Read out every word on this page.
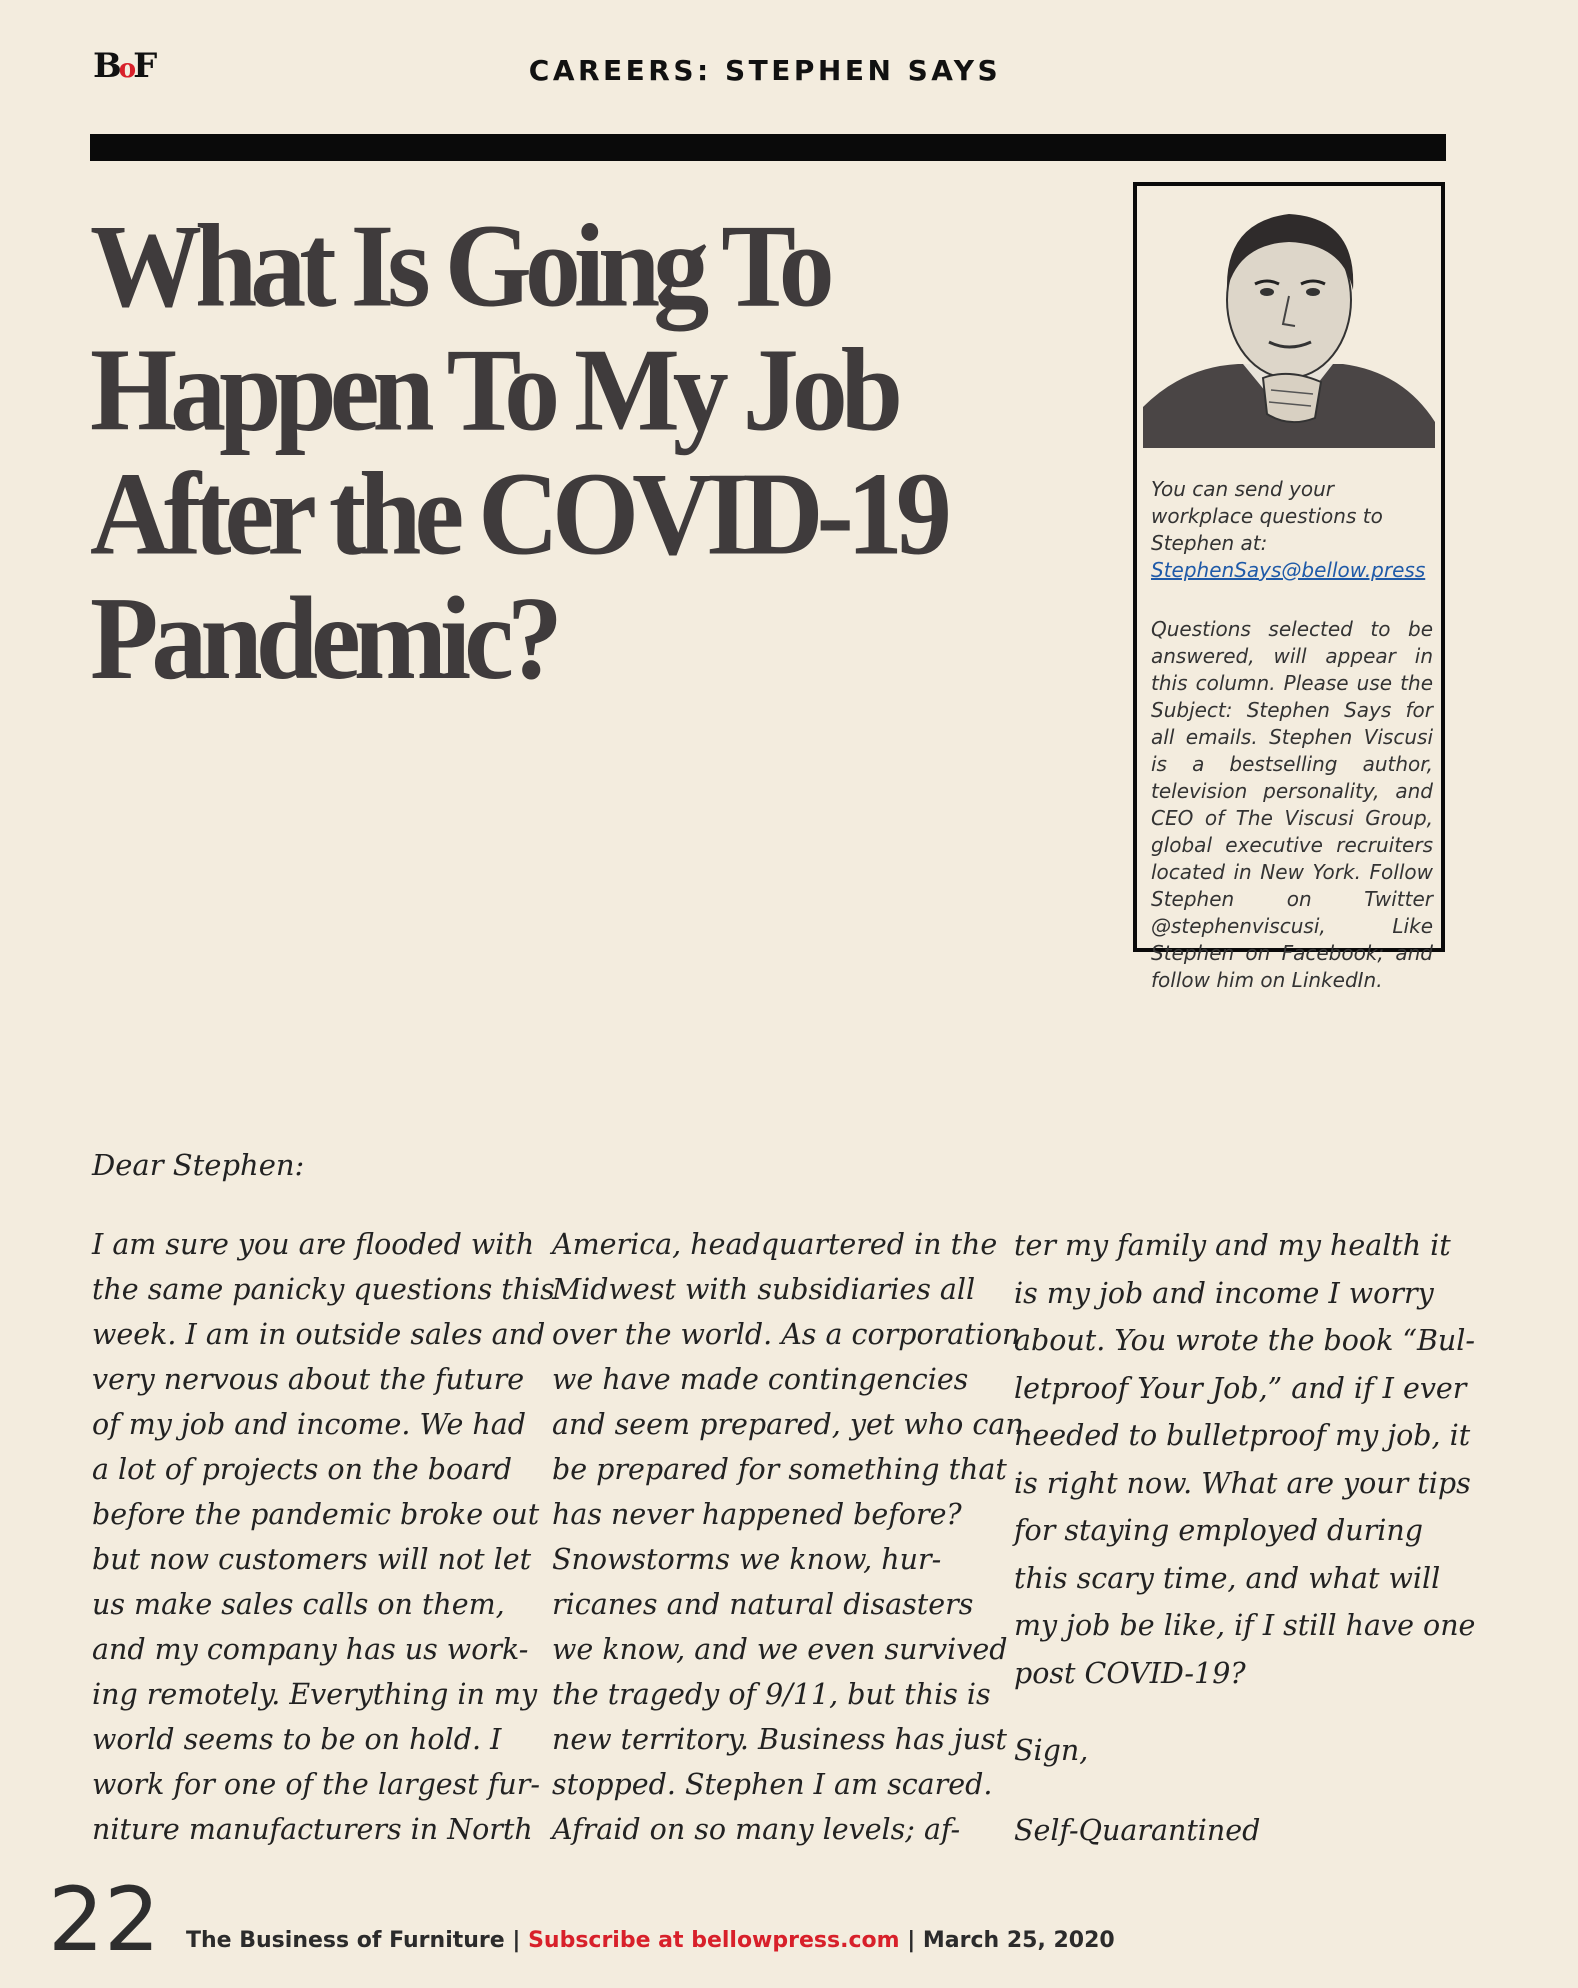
BoF	CAREERS: STEPHEN SAYS
What Is Going To Happen To My Job After the COVID-19 Pandemic?

You can send your workplace questions to Stephen at:

StephenSays@bellow.press

Questions selected to be answered, will appear in this column. Please use the Subject: Stephen Says for all emails. Stephen Viscusi is a bestselling author, television personality, and CEO of The Viscusi Group, global executive recruiters located in New York. Follow Stephen on Twitter @stephenviscusi, Like Stephen on Facebook; and follow him on LinkedIn.

Dear Stephen:
I am sure you are flooded with
the same panicky questions this
week. I am in outside sales and
very nervous about the future
of my job and income. We had
a lot of projects on the board
before the pandemic broke out
but now customers will not let
us make sales calls on them,
and my company has us work-
ing remotely. Everything in my
world seems to be on hold. I
work for one of the largest fur-
niture manufacturers in North
America, headquartered in the
Midwest with subsidiaries all
over the world. As a corporation
we have made contingencies
and seem prepared, yet who can
be prepared for something that
has never happened before?
Snowstorms we know, hur-
ricanes and natural disasters
we know, and we even survived
the tragedy of 9/11, but this is
new territory. Business has just
stopped. Stephen I am scared.
Afraid on so many levels; af-
ter my family and my health it
is my job and income I worry
about. You wrote the book “Bul-
letproof Your Job,” and if I ever
needed to bulletproof my job, it
is right now. What are your tips
for staying employed during
this scary time, and what will
my job be like, if I still have one
post COVID-19?
Sign,
Self-Quarantined
22 The Business of Furniture | Subscribe at bellowpress.com | March 25, 2020
